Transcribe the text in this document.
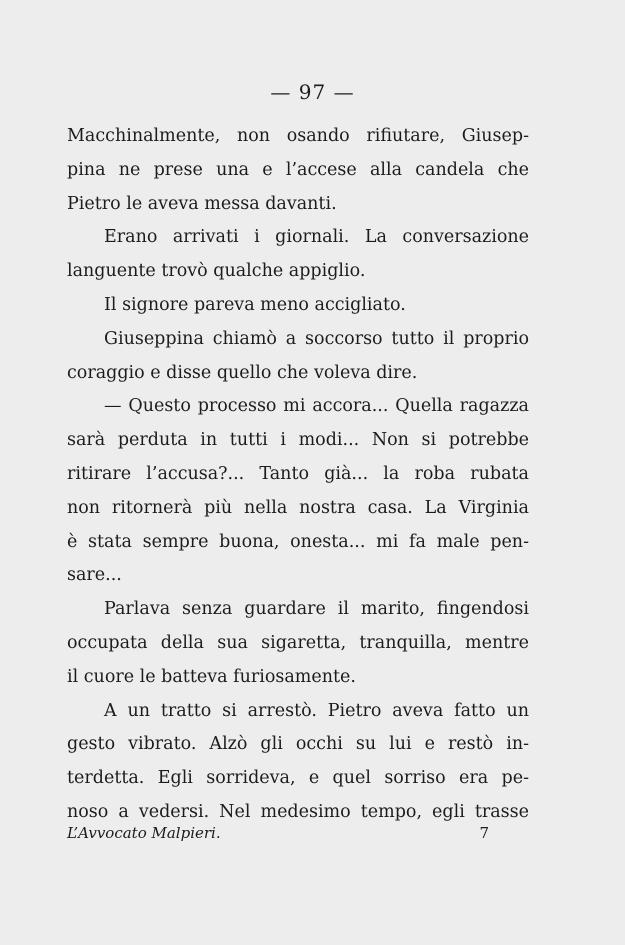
— 97 —
Macchinalmente, non osando rifiutare, Giusep-
pina ne prese una e l’accese alla candela che
Pietro le aveva messa davanti.
Erano arrivati i giornali. La conversazione
languente trovò qualche appiglio.
Il signore pareva meno accigliato.
Giuseppina chiamò a soccorso tutto il proprio
coraggio e disse quello che voleva dire.
— Questo processo mi accora... Quella ragazza
sarà perduta in tutti i modi... Non si potrebbe
ritirare l’accusa?... Tanto già... la roba rubata
non ritornerà più nella nostra casa. La Virginia
è stata sempre buona, onesta... mi fa male pen-
sare...
Parlava senza guardare il marito, fingendosi
occupata della sua sigaretta, tranquilla, mentre
il cuore le batteva furiosamente.
A un tratto si arrestò. Pietro aveva fatto un
gesto vibrato. Alzò gli occhi su lui e restò in-
terdetta. Egli sorrideva, e quel sorriso era pe-
noso a vedersi. Nel medesimo tempo, egli trasse
L’Avvocato Malpieri.	7
